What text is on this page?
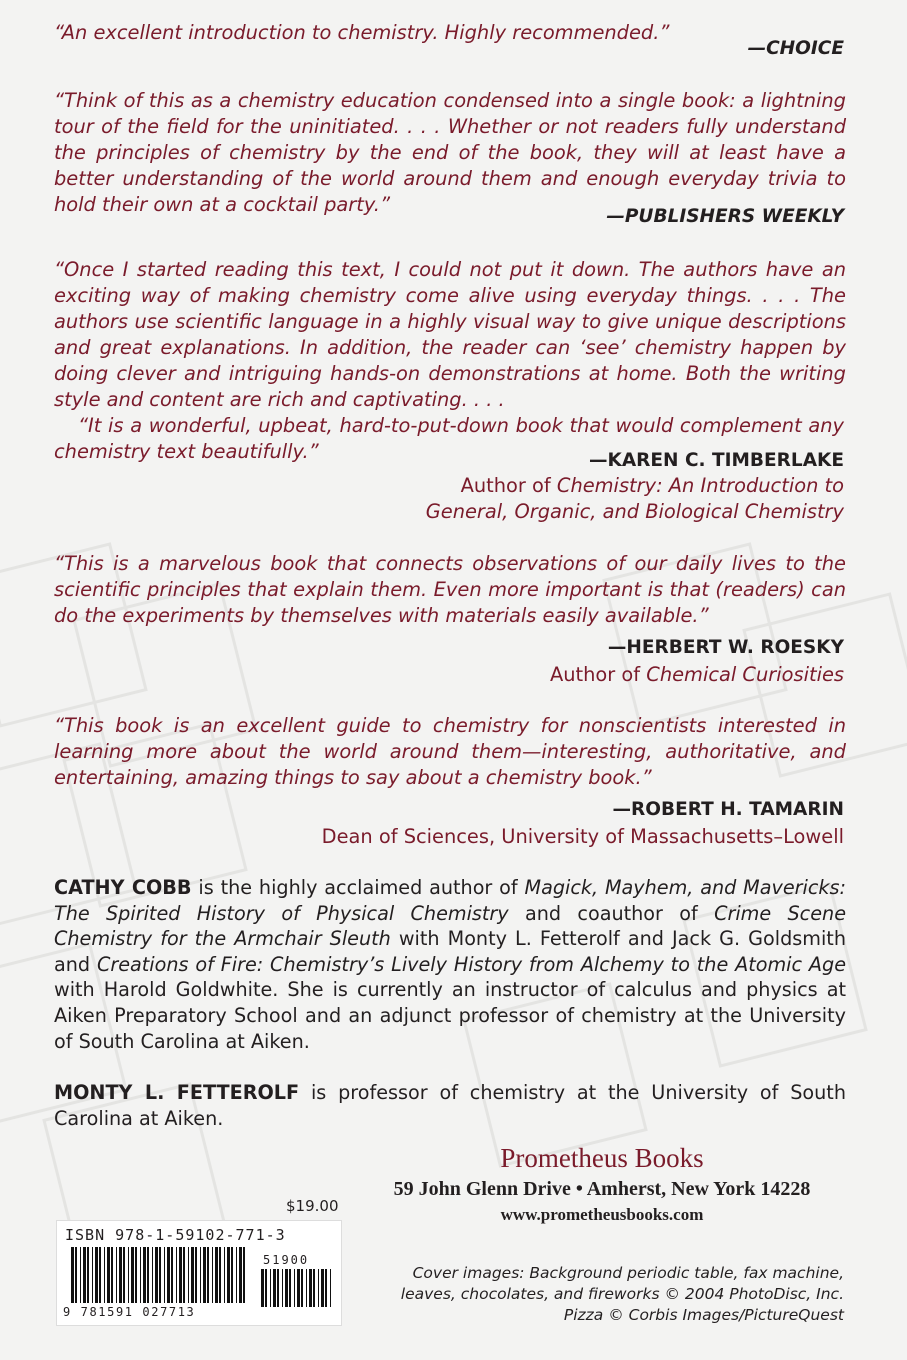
“An excellent introduction to chemistry. Highly recommended.”
—CHOICE
“Think of this as a chemistry education condensed into a single book: a lightning tour of the field for the uninitiated. . . . Whether or not readers fully understand the principles of chemistry by the end of the book, they will at least have a better understanding of the world around them and enough everyday trivia to hold their own at a cocktail party.”
—PUBLISHERS WEEKLY

“Once I started reading this text, I could not put it down. The authors have an exciting way of making chemistry come alive using everyday things. . . . The authors use scientific language in a highly visual way to give unique descriptions and great explanations. In addition, the reader can ‘see’ chemistry happen by doing clever and intriguing hands-on demonstrations at home. Both the writing style and content are rich and captivating. . . .

“It is a wonderful, upbeat, hard-to-put-down book that would complement any chemistry text beautifully.”	—KAREN C. TIMBERLAKE
Author of Chemistry: An Introduction to General, Organic, and Biological Chemistry
“This is a marvelous book that connects observations of our daily lives to the scientific principles that explain them. Even more important is that (readers) can do the experiments by themselves with materials easily available.”
—HERBERT W. ROESKY
Author of Chemical Curiosities
“This book is an excellent guide to chemistry for nonscientists interested in learning more about the world around them—interesting, authoritative, and entertaining, amazing things to say about a chemistry book.”
—ROBERT H. TAMARIN
Dean of Sciences, University of Massachusetts–Lowell

CATHY COBB is the highly acclaimed author of Magick, Mayhem, and Mavericks: The Spirited History of Physical Chemistry and coauthor of Crime Scene Chemistry for the Armchair Sleuth with Monty L. Fetterolf and Jack G. Goldsmith and Creations of Fire: Chemistry’s Lively History from Alchemy to the Atomic Age with Harold Goldwhite. She is currently an instructor of calculus and physics at Aiken Preparatory School and an adjunct professor of chemistry at the University of South Carolina at Aiken.

MONTY L. FETTEROLF is professor of chemistry at the University of South Carolina at Aiken.

Prometheus Books
59 John Glenn Drive • Amherst, New York 14228
www.prometheusbooks.com
$19.00
ISBN 978-1-59102-771-3
51900
9 781591 027713
Cover images: Background periodic table, fax machine, leaves, chocolates, and fireworks © 2004 PhotoDisc, Inc. Pizza © Corbis Images/PictureQuest
